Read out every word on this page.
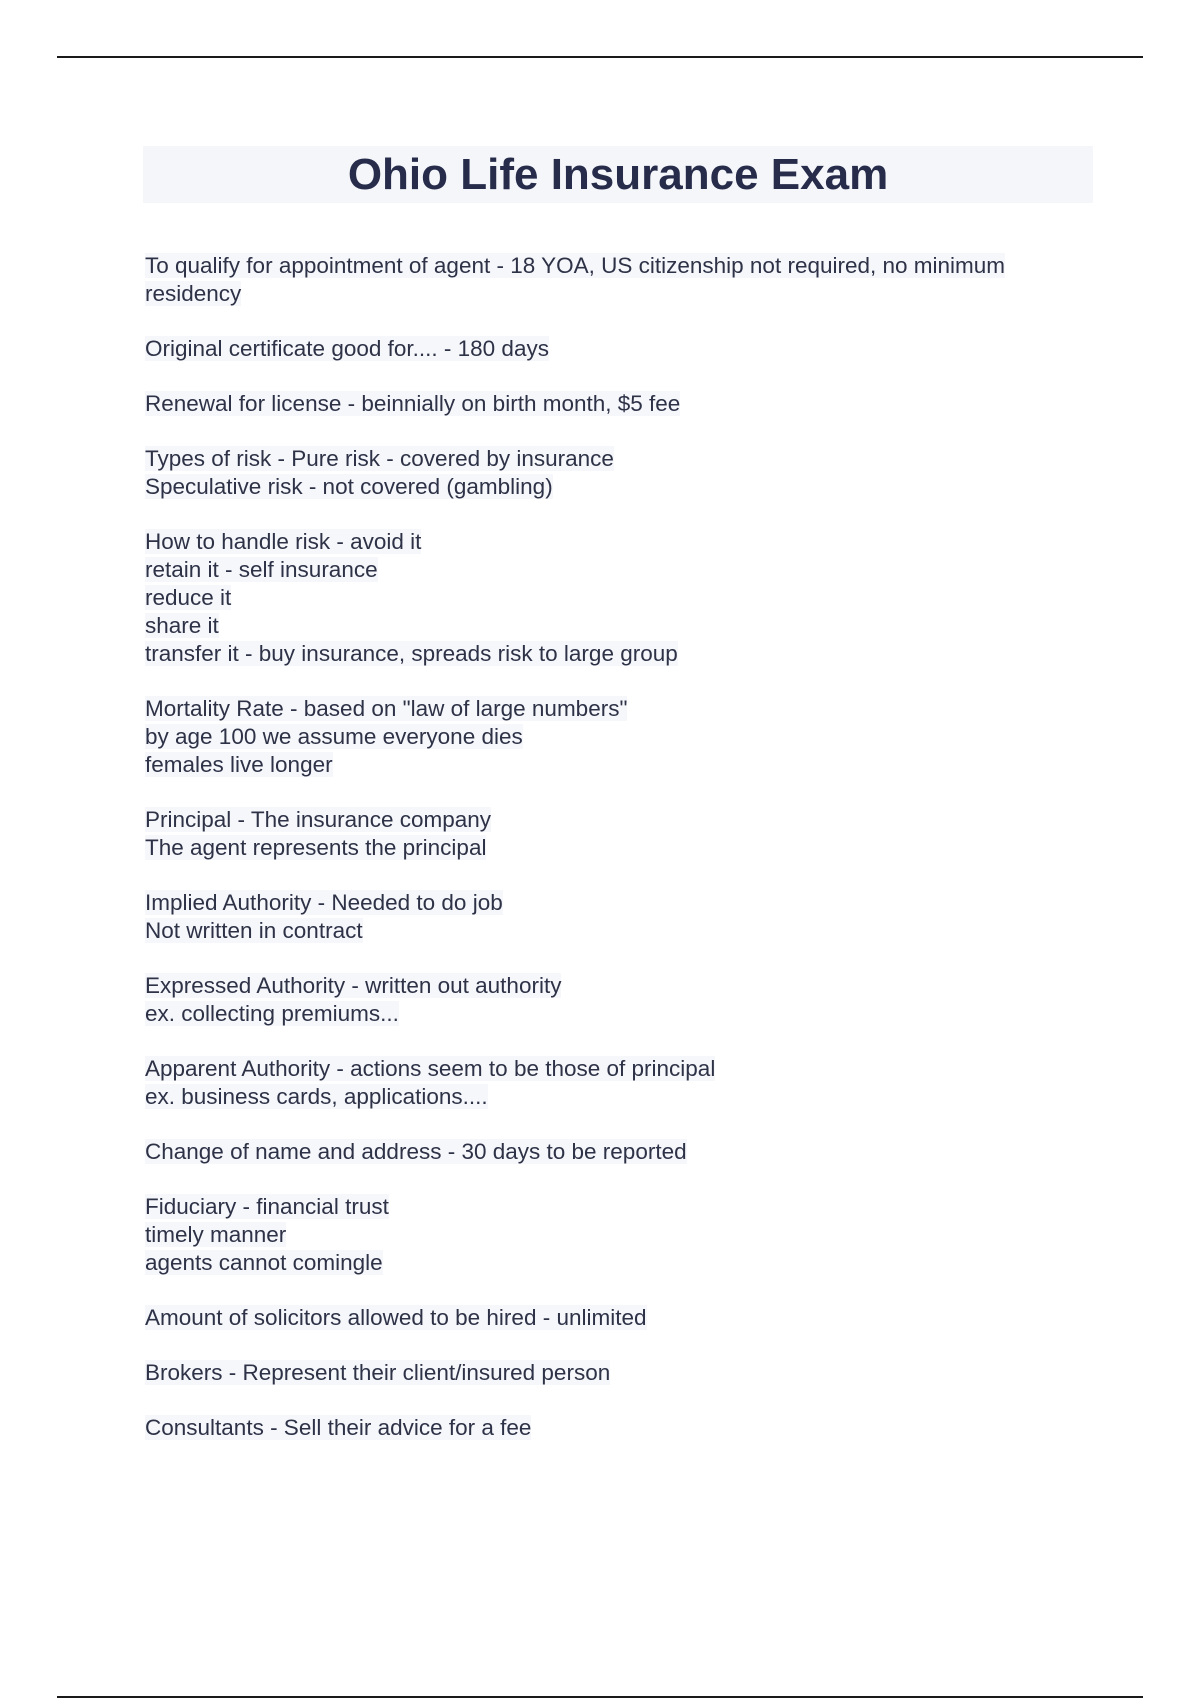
Ohio Life Insurance Exam
To qualify for appointment of agent - 18 YOA, US citizenship not required, no minimum
residency
Original certificate good for.... - 180 days
Renewal for license - beinnially on birth month, $5 fee
Types of risk - Pure risk - covered by insurance
Speculative risk - not covered (gambling)
How to handle risk - avoid it
retain it - self insurance
reduce it
share it
transfer it - buy insurance, spreads risk to large group
Mortality Rate - based on "law of large numbers"
by age 100 we assume everyone dies
females live longer
Principal - The insurance company
The agent represents the principal
Implied Authority - Needed to do job
Not written in contract
Expressed Authority - written out authority
ex. collecting premiums...
Apparent Authority - actions seem to be those of principal
ex. business cards, applications....
Change of name and address - 30 days to be reported
Fiduciary - financial trust
timely manner
agents cannot comingle
Amount of solicitors allowed to be hired - unlimited
Brokers - Represent their client/insured person
Consultants - Sell their advice for a fee
